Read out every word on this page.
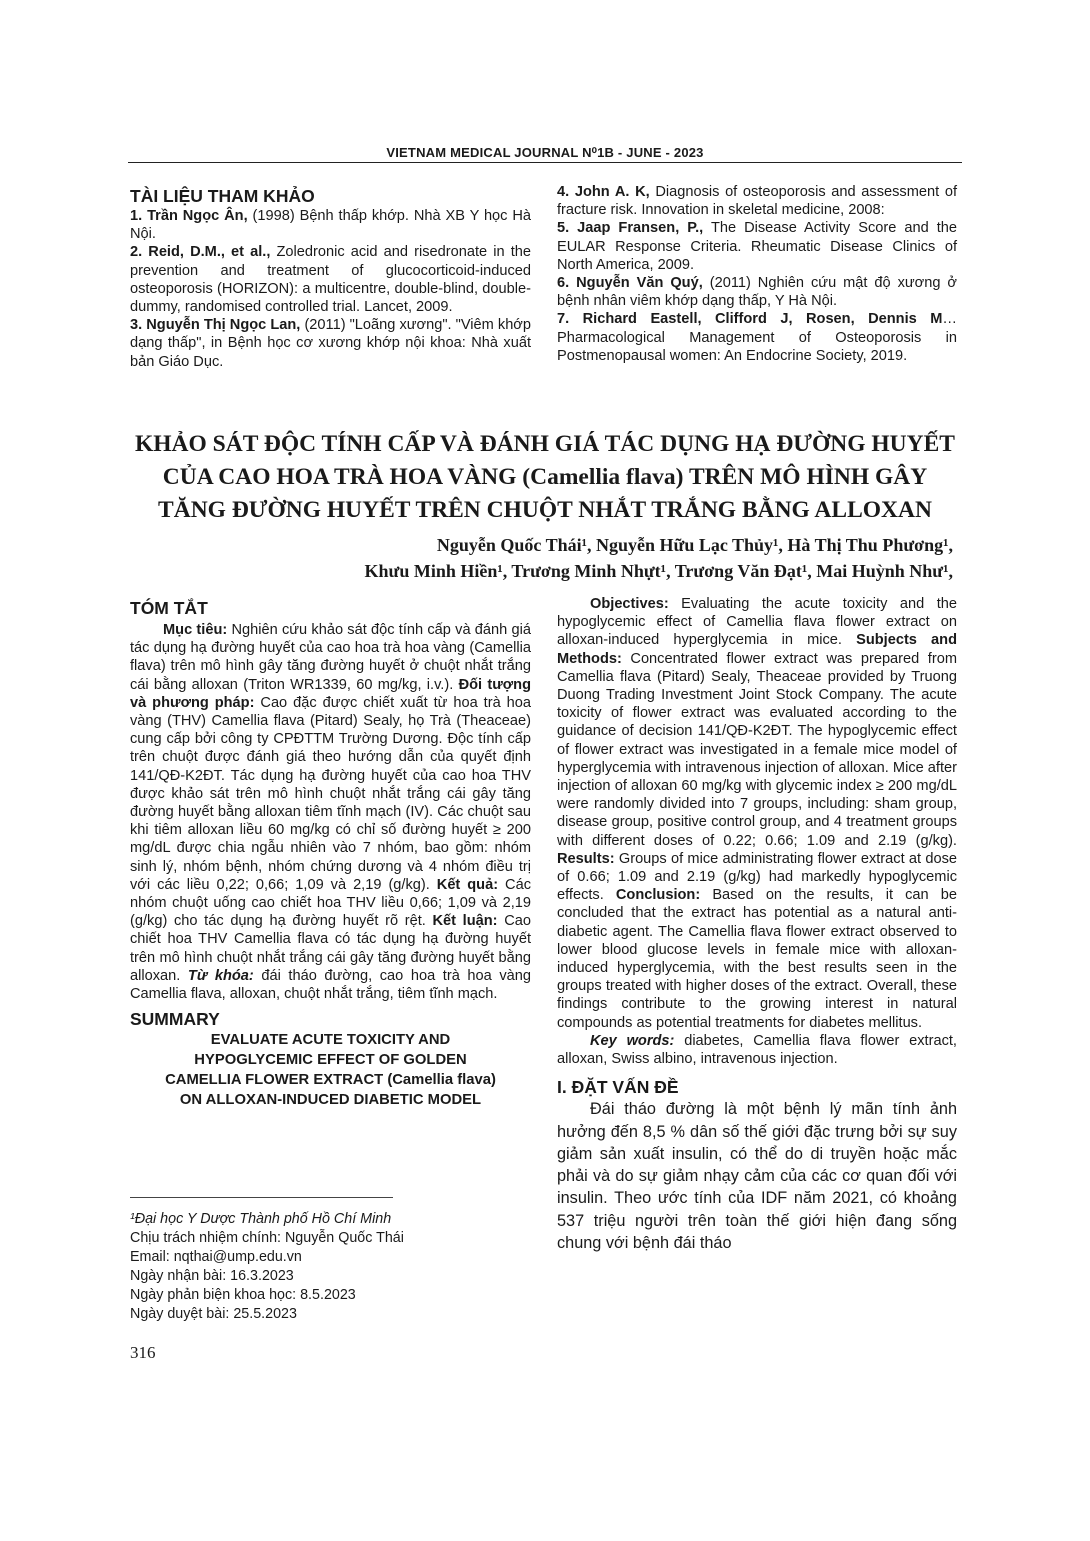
VIETNAM MEDICAL JOURNAL N⁰1B - JUNE - 2023

TÀI LIỆU THAM KHẢO

1. Trần Ngọc Ân, (1998) Bệnh thấp khớp. Nhà XB Y học Hà Nội.
2. Reid, D.M., et al., Zoledronic acid and risedronate in the prevention and treatment of glucocorticoid-induced osteoporosis (HORIZON): a multicentre, double-blind, double-dummy, randomised controlled trial. Lancet, 2009.
3. Nguyễn Thị Ngọc Lan, (2011) "Loãng xương". "Viêm khớp dạng thấp", in Bệnh học cơ xương khớp nội khoa: Nhà xuất bản Giáo Dục.
4. John A. K, Diagnosis of osteoporosis and assessment of fracture risk. Innovation in skeletal medicine, 2008:
5. Jaap Fransen, P., The Disease Activity Score and the EULAR Response Criteria. Rheumatic Disease Clinics of North America, 2009.
6. Nguyễn Văn Quý, (2011) Nghiên cứu mật độ xương ở bệnh nhân viêm khớp dạng thấp, Y Hà Nội.
7. Richard Eastell, Clifford J, Rosen, Dennis M…Pharmacological Management of Osteoporosis in Postmenopausal women: An Endocrine Society, 2019.
KHẢO SÁT ĐỘC TÍNH CẤP VÀ ĐÁNH GIÁ TÁC DỤNG HẠ ĐƯỜNG HUYẾT
CỦA CAO HOA TRÀ HOA VÀNG (Camellia flava) TRÊN MÔ HÌNH GÂY
TĂNG ĐƯỜNG HUYẾT TRÊN CHUỘT NHẮT TRẮNG BẰNG ALLOXAN
Nguyễn Quốc Thái¹, Nguyễn Hữu Lạc Thủy¹, Hà Thị Thu Phương¹,
Khưu Minh Hiền¹, Trương Minh Nhựt¹, Trương Văn Đạt¹, Mai Huỳnh Như¹,

TÓM TẮT

Mục tiêu: Nghiên cứu khảo sát độc tính cấp và đánh giá tác dụng hạ đường huyết của cao hoa trà hoa vàng (Camellia flava) trên mô hình gây tăng đường huyết ở chuột nhắt trắng cái bằng alloxan (Triton WR1339, 60 mg/kg, i.v.). Đối tượng và phương pháp: Cao đặc được chiết xuất từ hoa trà hoa vàng (THV) Camellia flava (Pitard) Sealy, họ Trà (Theaceae) cung cấp bởi công ty CPĐTTM Trường Dương. Độc tính cấp trên chuột được đánh giá theo hướng dẫn của quyết định 141/QĐ-K2ĐT. Tác dụng hạ đường huyết của cao hoa THV được khảo sát trên mô hình chuột nhắt trắng cái gây tăng đường huyết bằng alloxan tiêm tĩnh mạch (IV). Các chuột sau khi tiêm alloxan liều 60 mg/kg có chỉ số đường huyết ≥ 200 mg/dL được chia ngẫu nhiên vào 7 nhóm, bao gồm: nhóm sinh lý, nhóm bệnh, nhóm chứng dương và 4 nhóm điều trị với các liều 0,22; 0,66; 1,09 và 2,19 (g/kg). Kết quả: Các nhóm chuột uống cao chiết hoa THV liều 0,66; 1,09 và 2,19 (g/kg) cho tác dụng hạ đường huyết rõ rệt. Kết luận: Cao chiết hoa THV Camellia flava có tác dụng hạ đường huyết trên mô hình chuột nhắt trắng cái gây tăng đường huyết bằng alloxan. Từ khóa: đái tháo đường, cao hoa trà hoa vàng Camellia flava, alloxan, chuột nhắt trắng, tiêm tĩnh mạch.

SUMMARY

EVALUATE ACUTE TOXICITY AND
HYPOGLYCEMIC EFFECT OF GOLDEN
CAMELLIA FLOWER EXTRACT (Camellia flava)
ON ALLOXAN-INDUCED DIABETIC MODEL
¹Đại học Y Dược Thành phố Hồ Chí Minh
Chịu trách nhiệm chính: Nguyễn Quốc Thái
Email: nqthai@ump.edu.vn
Ngày nhận bài: 16.3.2023
Ngày phản biện khoa học: 8.5.2023
Ngày duyệt bài: 25.5.2023
316

Objectives: Evaluating the acute toxicity and the hypoglycemic effect of Camellia flava flower extract on alloxan-induced hyperglycemia in mice. Subjects and Methods: Concentrated flower extract was prepared from Camellia flava (Pitard) Sealy, Theaceae provided by Truong Duong Trading Investment Joint Stock Company. The acute toxicity of flower extract was evaluated according to the guidance of decision 141/QĐ-K2ĐT. The hypoglycemic effect of flower extract was investigated in a female mice model of hyperglycemia with intravenous injection of alloxan. Mice after injection of alloxan 60 mg/kg with glycemic index ≥ 200 mg/dL were randomly divided into 7 groups, including: sham group, disease group, positive control group, and 4 treatment groups with different doses of 0.22; 0.66; 1.09 and 2.19 (g/kg). Results: Groups of mice administrating flower extract at dose of 0.66; 1.09 and 2.19 (g/kg) had markedly hypoglycemic effects. Conclusion: Based on the results, it can be concluded that the extract has potential as a natural anti-diabetic agent. The Camellia flava flower extract observed to lower blood glucose levels in female mice with alloxan-induced hyperglycemia, with the best results seen in the groups treated with higher doses of the extract. Overall, these findings contribute to the growing interest in natural compounds as potential treatments for diabetes mellitus.

Key words: diabetes, Camellia flava flower extract, alloxan, Swiss albino, intravenous injection.

I. ĐẶT VẤN ĐỀ

Đái tháo đường là một bệnh lý mãn tính ảnh hưởng đến 8,5 % dân số thế giới đặc trưng bởi sự suy giảm sản xuất insulin, có thể do di truyền hoặc mắc phải và do sự giảm nhạy cảm của các cơ quan đối với insulin. Theo ước tính của IDF năm 2021, có khoảng 537 triệu người trên toàn thế giới hiện đang sống chung với bệnh đái tháo
